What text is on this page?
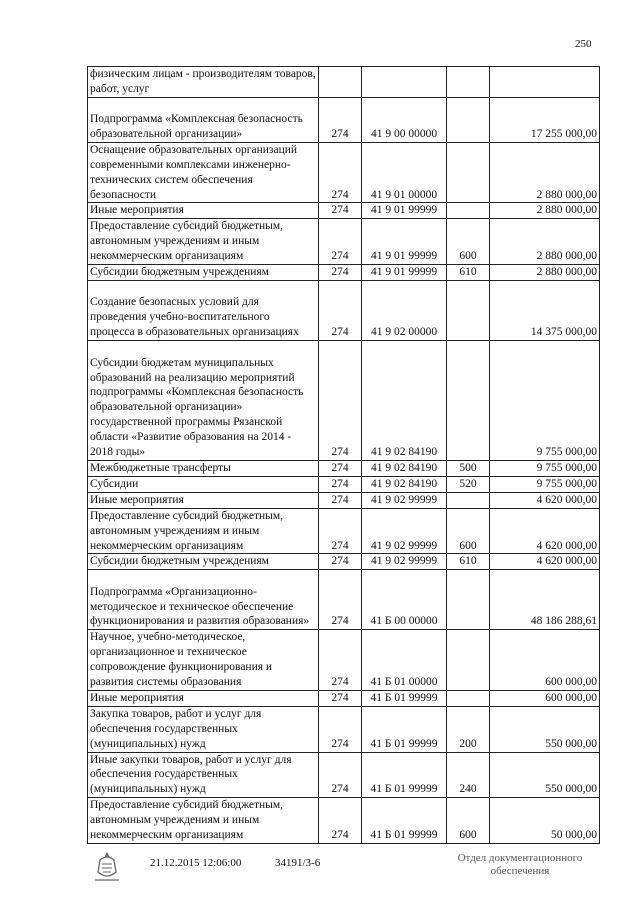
250
физическим лицам - производителям товаров, работ, услуг				
Подпрограмма «Комплексная безопасность образовательной организации»	274	41 9 00 00000		17 255 000,00
Оснащение образовательных организаций современными комплексами инженерно-технических систем обеспечения безопасности	274	41 9 01 00000		2 880 000,00
Иные мероприятия	274	41 9 01 99999		2 880 000,00
Предоставление субсидий бюджетным, автономным учреждениям и иным некоммерческим организациям	274	41 9 01 99999	600	2 880 000,00
Субсидии бюджетным учреждениям	274	41 9 01 99999	610	2 880 000,00
Создание безопасных условий для проведения учебно-воспитательного процесса в образовательных организациях	274	41 9 02 00000		14 375 000,00
Субсидии бюджетам муниципальных образований на реализацию мероприятий подпрограммы «Комплексная безопасность образовательной организации» государственной программы Рязанской области «Развитие образования на 2014 - 2018 годы»	274	41 9 02 84190		9 755 000,00
Межбюджетные трансферты	274	41 9 02 84190	500	9 755 000,00
Субсидии	274	41 9 02 84190	520	9 755 000,00
Иные мероприятия	274	41 9 02 99999		4 620 000,00
Предоставление субсидий бюджетным, автономным учреждениям и иным некоммерческим организациям	274	41 9 02 99999	600	4 620 000,00
Субсидии бюджетным учреждениям	274	41 9 02 99999	610	4 620 000,00
Подпрограмма «Организационно-методическое и техническое обеспечение функционирования и развития образования»	274	41 Б 00 00000		48 186 288,61
Научное, учебно-методическое, организационное и техническое сопровождение функционирования и развития системы образования	274	41 Б 01 00000		600 000,00
Иные мероприятия	274	41 Б 01 99999		600 000,00
Закупка товаров, работ и услуг для обеспечения государственных (муниципальных) нужд	274	41 Б 01 99999	200	550 000,00
Иные закупки товаров, работ и услуг для обеспечения государственных (муниципальных) нужд	274	41 Б 01 99999	240	550 000,00
Предоставление субсидий бюджетным, автономным учреждениям и иным некоммерческим организациям	274	41 Б 01 99999	600	50 000,00
21.12.2015 12:06:00	34191/3-6	Отдел документационного обеспечения
